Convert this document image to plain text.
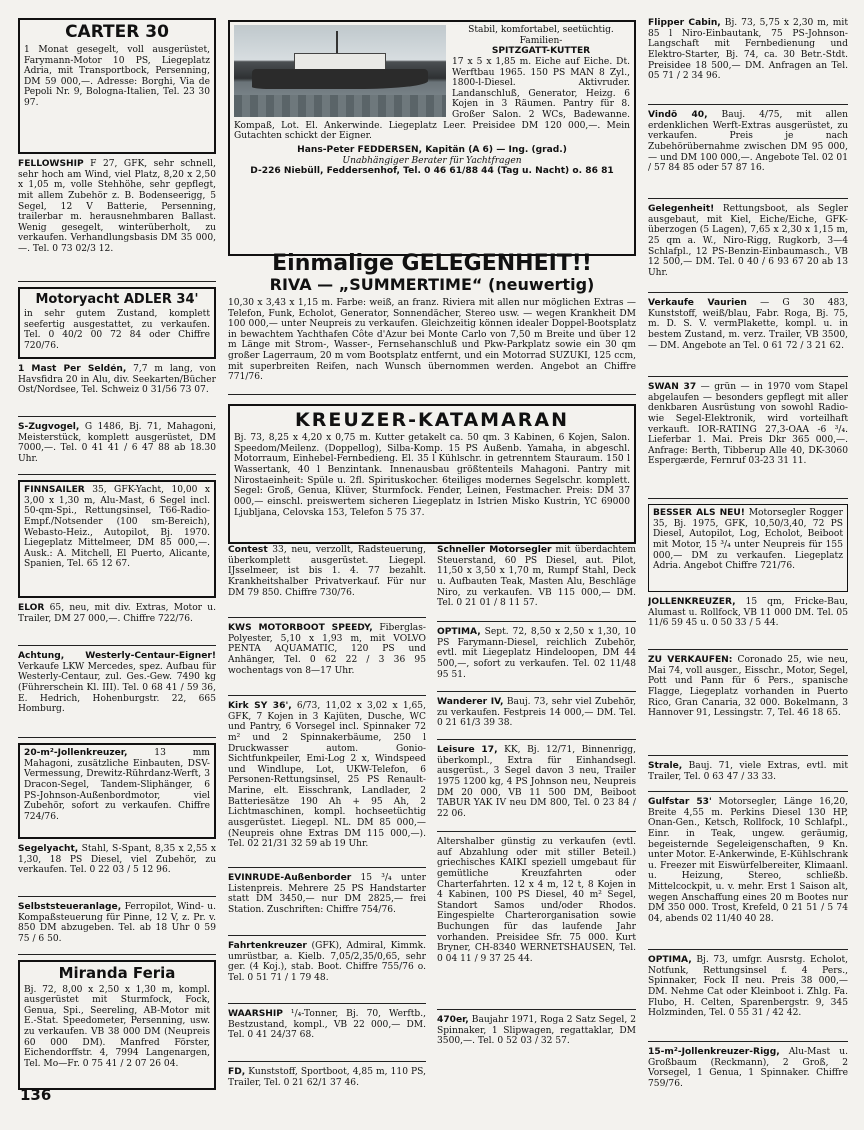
CARTER 30
1 Monat gesegelt, voll ausgerüstet, Farymann-Motor 10 PS, Liegeplatz Adria, mit Transportbock, Persenning, DM 59 000,—. Adresse: Borghi, Via de Pepoli Nr. 9, Bologna-Italien, Tel. 23 30 97.
FELLOWSHIP F 27, GFK, sehr schnell, sehr hoch am Wind, viel Platz, 8,20 x 2,50 x 1,05 m, volle Stehhöhe, sehr gepflegt, mit allem Zubehör z. B. Bodenseerigg, 5 Segel, 12 V Batterie, Persenning, trailerbar m. herausnehmbaren Ballast. Wenig gesegelt, winterüberholt, zu verkaufen. Verhandlungsbasis DM 35 000,—. Tel. 0 73 02/3 12.
Motoryacht ADLER 34'
in sehr gutem Zustand, komplett seefertig ausgestattet, zu verkaufen. Tel. 0 40/2 00 72 84 oder Chiffre 720/76.
1 Mast Per Seldén, 7,7 m lang, von Havsfidra 20 in Alu, div. Seekarten/Bücher Ost/Nordsee, Tel. Schweiz 0 31/56 73 07.
S-Zugvogel, G 1486, Bj. 71, Mahagoni, Meisterstück, komplett ausgerüstet, DM 7000,—. Tel. 0 41 41 / 6 47 88 ab 18.30 Uhr.
FINNSAILER 35, GFK-Yacht, 10,00 x 3,00 x 1,30 m, Alu-Mast, 6 Segel incl. 50-qm-Spi., Rettungsinsel, T66-Radio-Empf./Notsender (100 sm-Bereich), Webasto-Heiz., Autopilot, Bj. 1970. Liegeplatz Mittelmeer, DM 85 000,—. Ausk.: A. Mitchell, El Puerto, Alicante, Spanien, Tel. 65 12 67.
ELOR 65, neu, mit div. Extras, Motor u. Trailer, DM 27 000,—. Chiffre 722/76.
Achtung, Westerly-Centaur-Eigner! Verkaufe LKW Mercedes, spez. Aufbau für Westerly-Centaur, zul. Ges.-Gew. 7490 kg (Führerschein Kl. III). Tel. 0 68 41 / 59 36, E. Hedrich, Hohenburgstr. 22, 665 Homburg.
20-m²-Jollenkreuzer,	13 mm Mahagoni, zusätzliche Einbauten, DSV-Vermessung, Drewitz-Rührdanz-Werft, 3 Dracon-Segel, Tandem-Sliphänger, 6 PS-Johnson-Außenbordmotor, viel Zubehör, sofort zu verkaufen. Chiffre 724/76.
Segelyacht, Stahl, S-Spant, 8,35 x 2,55 x 1,30, 18 PS Diesel, viel Zubehör, zu verkaufen. Tel. 0 22 03 / 5 12 96.
Selbststeueranlage, Ferropilot, Wind- u. Kompaßsteuerung für Pinne, 12 V, z. Pr. v. 850 DM abzugeben. Tel. ab 18 Uhr 0 59 75 / 6 50.
Miranda Feria
Bj. 72, 8,00 x 2,50 x 1,30 m, kompl. ausgerüstet mit Sturmfock, Fock, Genua, Spi., Seereling, AB-Motor mit E.-Stat. Speedometer, Persenning, usw. zu verkaufen. VB 38 000 DM (Neupreis 60 000 DM). Manfred Förster, Eichendorffstr. 4, 7994 Langenargen, Tel. Mo—Fr. 0 75 41 / 2 07 26 04.
Stabil, komfortabel, seetüchtig. Familien-
SPITZGATT-KUTTER
17 x 5 x 1,85 m. Eiche auf Eiche. Dt. Werftbau 1965. 150 PS MAN 8 Zyl., 1800-l-Diesel. Aktivruder. Landanschluß, Generator, Heizg. 6 Kojen in 3 Räumen. Pantry für 8. Großer Salon. 2 WCs, Badewanne. Kompaß, Lot. El. Ankerwinde. Liegeplatz Leer. Preisidee DM 120 000,—. Mein Gutachten schickt der Eigner.
Hans-Peter FEDDERSEN, Kapitän (A 6) — Ing. (grad.)
Unabhängiger Berater für Yachtfragen
D-226 Niebüll, Feddersenhof, Tel. 0 46 61/88 44 (Tag u. Nacht) o. 86 81
Einmalige GELEGENHEIT!!
RIVA — „SUMMERTIME“ (neuwertig)
10,30 x 3,43 x 1,15 m. Farbe: weiß, an franz. Riviera mit allen nur möglichen Extras — Telefon, Funk, Echolot, Generator, Sonnendächer, Stereo usw. — wegen Krankheit DM 100 000,— unter Neupreis zu verkaufen. Gleichzeitig können idealer Doppel-Bootsplatz in bewachtem Yachthafen Côte d'Azur bei Monte Carlo von 7,50 m Breite und über 12 m Länge mit Strom-, Wasser-, Fernsehanschluß und Pkw-Parkplatz sowie ein 30 qm großer Lagerraum, 20 m vom Bootsplatz entfernt, und ein Motorrad SUZUKI, 125 ccm, mit superbreiten Reifen, nach Wunsch übernommen werden. Angebot an Chiffre 771/76.
KREUZER-KATAMARAN
Bj. 73, 8,25 x 4,20 x 0,75 m. Kutter getakelt ca. 50 qm. 3 Kabinen, 6 Kojen, Salon. Speedom/Meilenz. (Doppellog), Silba-Komp. 15 PS Außenb. Yamaha, in abgeschl. Motorraum, Einhebel-Fernbedieng. El. 35 l Kühlschr. in getrenntem Stauraum. 150 l Wassertank, 40 l Benzintank. Innenausbau größtenteils Mahagoni. Pantry mit Nirostaeinheit: Spüle u. 2fl. Spirituskocher. 6teiliges modernes Segelschr. komplett. Segel: Groß, Genua, Klüver, Sturmfock. Fender, Leinen, Festmacher. Preis: DM 37 000,— einschl. preiswertem sicheren Liegeplatz in Istrien Misko Kustrin, YC 69000 Ljubljana, Celovska 153, Telefon 5 75 37.
Contest 33, neu, verzollt, Radsteuerung, überkomplett ausgerüstet. Liegepl. IJsselmeer, ist bis 1. 4. 77 bezahlt. Krankheitshalber Privatverkauf. Für nur DM 79 850. Chiffre 730/76.
KWS MOTORBOOT SPEEDY, Fiberglas-Polyester, 5,10 x 1,93 m, mit VOLVO PENTA AQUAMATIC, 120 PS und Anhänger, Tel. 0 62 22 / 3 36 95 wochentags von 8—17 Uhr.
Kirk SY 36', 6/73, 11,02 x 3,02 x 1,65, GFK, 7 Kojen in 3 Kajüten, Dusche, WC und Pantry, 6 Vorsegel incl. Spinnaker 72 m² und 2 Spinnakerbäume, 250 l Druckwasser autom. Gonio-Sichtfunkpeiler, Emi-Log 2 x, Windspeed und Windlupe, Lot, UKW-Telefon, 6 Personen-Rettungsinsel, 25 PS Renault-Marine, elt. Eisschrank, Landlader, 2 Batteriesätze 190 Ah + 95 Ah, 2 Lichtmaschinen, kompl. hochseetüchtig ausgerüstet. Liegepl. NL. DM 85 000,— (Neupreis ohne Extras DM 115 000,—). Tel. 02 21/31 32 59 ab 19 Uhr.
EVINRUDE-Außenborder 15 ³/₄ unter Listenpreis. Mehrere 25 PS Handstarter statt DM 3450,— nur DM 2825,— frei Station. Zuschriften: Chiffre 754/76.
Fahrtenkreuzer (GFK), Admiral, Kimmk. umrüstbar, a. Kielb. 7,05/2,35/0,65, sehr ger. (4 Koj.), stab. Boot. Chiffre 755/76 o. Tel. 0 51 71 / 1 79 48.
WAARSHIP ¹/₄-Tonner, Bj. 70, Werftb., Bestzustand, kompl., VB 22 000,— DM. Tel. 0 41 24/37 68.
FD, Kunststoff, Sportboot, 4,85 m, 110 PS, Trailer, Tel. 0 21 62/1 37 46.
Schneller Motorsegler mit überdachtem Steuerstand, 60 PS Diesel, aut. Pilot, 11,50 x 3,50 x 1,70 m, Rumpf Stahl, Deck u. Aufbauten Teak, Masten Alu, Beschläge Niro, zu verkaufen. VB 115 000,— DM. Tel. 0 21 01 / 8 11 57.
OPTIMA, Sept. 72, 8,50 x 2,50 x 1,30, 10 PS Farymann-Diesel, reichlich Zubehör, evtl. mit Liegeplatz Hindeloopen, DM 44 500,—, sofort zu verkaufen. Tel. 02 11/48 95 51.
Wanderer IV, Bauj. 73, sehr viel Zubehör, zu verkaufen. Festpreis 14 000,— DM. Tel. 0 21 61/3 39 38.
Leisure 17, KK, Bj. 12/71, Binnenrigg, überkompl., Extra für Einhandsegl. ausgerüst., 3 Segel davon 3 neu, Trailer 1975 1200 kg, 4 PS Johnson neu, Neupreis DM 20 000, VB 11 500 DM, Beiboot TABUR YAK IV neu DM 800, Tel. 0 23 84 / 22 06.
Altershalber günstig zu verkaufen (evtl. auf Abzahlung oder mit stiller Beteil.) griechisches KAIKI speziell umgebaut für gemütliche Kreuzfahrten oder Charterfahrten. 12 x 4 m, 12 t, 8 Kojen in 4 Kabinen, 100 PS Diesel, 40 m² Segel, Standort Samos und/oder Rhodos. Eingespielte Charterorganisation sowie Buchungen für das laufende Jahr vorhanden. Preisidee Sfr. 75 000. Kurt Bryner, CH-8340 WERNETSHAUSEN, Tel. 0 04 11 / 9 37 25 44.
470er, Baujahr 1971, Roga 2 Satz Segel, 2 Spinnaker, 1 Slipwagen, regattaklar, DM 3500,—. Tel. 0 52 03 / 32 57.
Flipper Cabin, Bj. 73, 5,75 x 2,30 m, mit 85 l Niro-Einbautank, 75 PS-Johnson-Langschaft mit Fernbedienung und Elektro-Starter, Bj. 74, ca. 30 Betr.-Stdt. Preisidee 18 500,— DM. Anfragen an Tel. 05 71 / 2 34 96.
Vindö 40, Bauj. 4/75, mit allen erdenklichen Werft-Extras ausgerüstet, zu verkaufen. Preis je nach Zubehörübernahme zwischen DM 95 000,— und DM 100 000,—. Angebote Tel. 02 01 / 57 84 85 oder 57 87 16.
Gelegenheit! Rettungsboot, als Segler ausgebaut, mit Kiel, Eiche/Eiche, GFK-überzogen (5 Lagen), 7,65 x 2,30 x 1,15 m, 25 qm a. W., Niro-Rigg, Rugkorb, 3—4 Schlafpl., 12 PS-Benzin-Einbaumasch., VB 12 500,— DM. Tel. 0 40 / 6 93 67 20 ab 13 Uhr.
Verkaufe Vaurien — G 30 483, Kunststoff, weiß/blau, Fabr. Roga, Bj. 75, m. D. S. V. vermPlakette, kompl. u. in bestem Zustand, m. verz. Trailer, VB 3500,— DM. Angebote an Tel. 0 61 72 / 3 21 62.
SWAN 37 — grün — in 1970 vom Stapel abgelaufen — besonders gepflegt mit aller denkbaren Ausrüstung von sowohl Radio- wie Segel-Elektronik, wird vorteilhaft verkauft. IOR-RATING 27,3-OAA -6 ³/₄. Lieferbar 1. Mai. Preis Dkr 365 000,—. Anfrage: Berth, Tibberup Alle 40, DK-3060 Espergærde, Fernruf 03-23 31 11.
BESSER ALS NEU! Motorsegler Rogger 35, Bj. 1975, GFK, 10,50/3,40, 72 PS Diesel, Autopilot, Log, Echolot, Beiboot mit Motor, 15 ³/₄ unter Neupreis für 155 000,— DM zu verkaufen. Liegeplatz Adria. Angebot Chiffre 721/76.
JOLLENKREUZER, 15 qm, Fricke-Bau, Alumast u. Rollfock, VB 11 000 DM. Tel. 05 11/6 59 45 u. 0 50 33 / 5 44.
ZU VERKAUFEN: Coronado 25, wie neu, Mai 74, voll ausger., Eisschr., Motor, Segel, Pott und Pann für 6 Pers., spanische Flagge, Liegeplatz vorhanden in Puerto Rico, Gran Canaria, 32 000. Bokelmann, 3 Hannover 91, Lessingstr. 7, Tel. 46 18 65.
Strale, Bauj. 71, viele Extras, evtl. mit Trailer, Tel. 0 63 47 / 33 33.
Gulfstar 53' Motorsegler, Länge 16,20, Breite 4,55 m. Perkins Diesel 130 HP, Onan-Gen., Ketsch, Rollfock, 10 Schlafpl., Einr. in Teak, ungew. geräumig, begeisternde Segeleigenschaften, 9 Kn. unter Motor. E-Ankerwinde, E-Kühlschrank u. Freezer mit Eiswürfelbereiter, Klimaanl. u. Heizung, Stereo, schließb. Mittelcockpit, u. v. mehr. Erst 1 Saison alt, wegen Anschaffung eines 20 m Bootes nur DM 350 000. Trost, Krefeld, 0 21 51 / 5 74 04, abends 02 11/40 40 28.
OPTIMA, Bj. 73, umfgr. Ausrstg. Echolot, Notfunk, Rettungsinsel f. 4 Pers., Spinnaker, Fock II neu. Preis 38 000,— DM. Nehme Cat oder Kleinboot i. Zhlg. Fa. Flubo, H. Celten, Sparenbergstr. 9, 345 Holzminden, Tel. 0 55 31 / 42 42.
15-m²-Jollenkreuzer-Rigg, Alu-Mast u. Großbaum (Reckmann), 2 Groß, 2 Vorsegel, 1 Genua, 1 Spinnaker. Chiffre 759/76.
136
